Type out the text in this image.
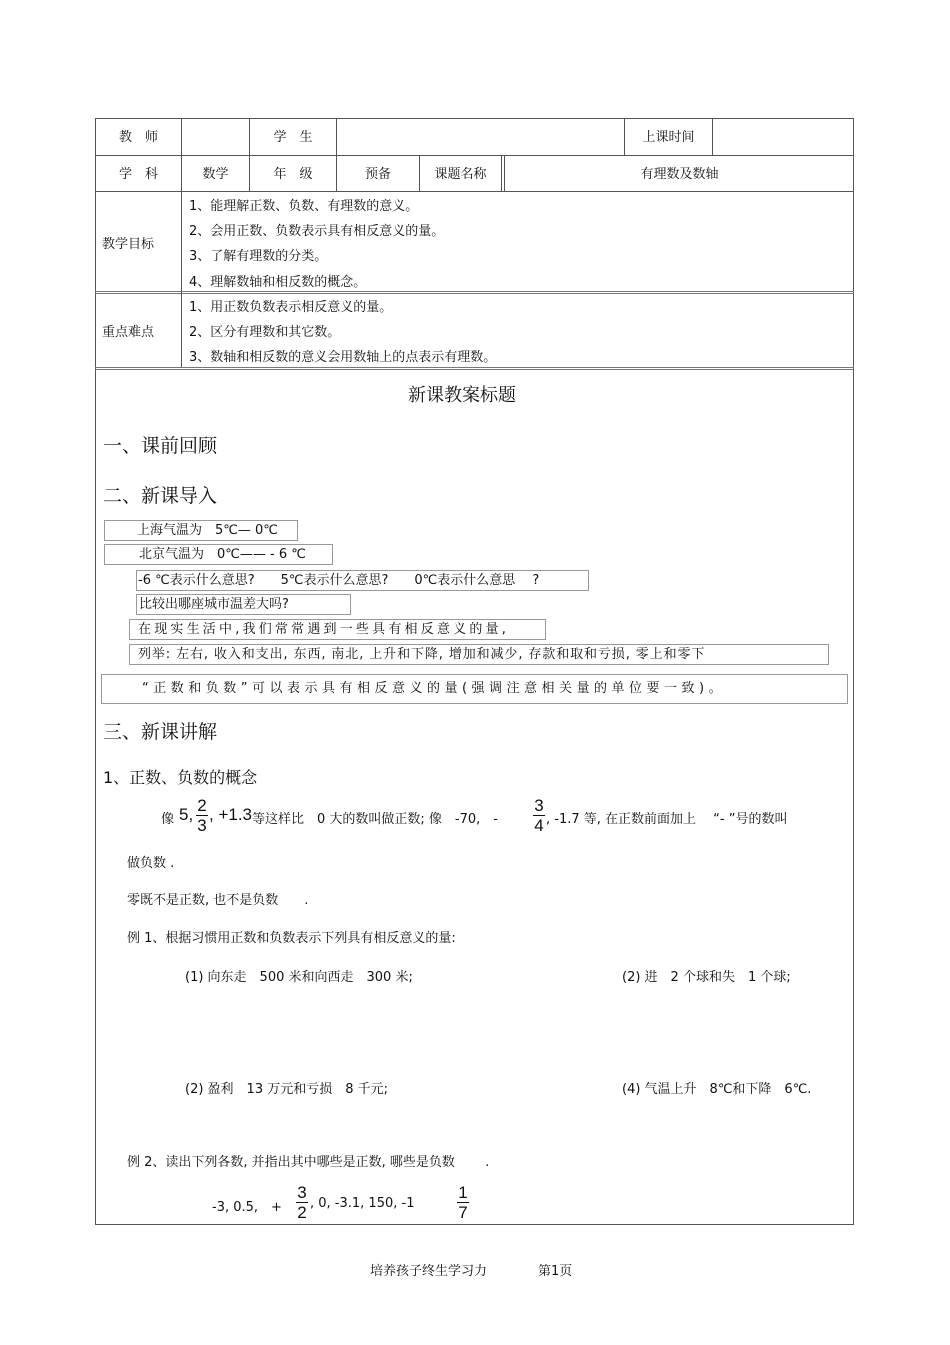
教　师	学　生	上课时间
学　科	数学	年　级	预备	课题名称	有理数及数轴
教学目标
1、能理解正数、负数、有理数的意义。
2、会用正数、负数表示具有相反意义的量。
3、了解有理数的分类。
4、理解数轴和相反数的概念。
重点难点
1、用正数负数表示相反意义的量。
2、区分有理数和其它数。
3、数轴和相反数的意义会用数轴上的点表示有理数。
新课教案标题
一、课前回顾
二、新课导入
上海气温为　5℃— 0℃
北京气温为　0℃—— - 6 ℃
-6 ℃表示什么意思?　　5℃表示什么意思?　　0℃表示什么意思　 ?
比较出哪座城市温差大吗?
在现实生活中,我们常常遇到一些具有相反意义的量,
列举: 左右, 收入和支出, 东西, 南北, 上升和下降, 增加和减少, 存款和取和亏损, 零上和零下
“正数和负数”可以表示具有相反意义的量(强调注意相关量的单位要一致)。
三、新课讲解
1、正数、负数的概念
像 5, 2
3
, +1.3 等这样比　0 大的数叫做正数; 像　-70,　-
3
4 , -1.7 等, 在正数前面加上　 “- ”号的数叫
做负数 .
零既不是正数, 也不是负数　　.
例 1、根据习惯用正数和负数表示下列具有相反意义的量:
(1) 向东走　500 米和向西走　300 米;	(2) 进　2 个球和失　1 个球;
(2) 盈利　13 万元和亏损　8 千元;	(4) 气温上升　8℃和下降　6℃.
例 2、读出下列各数, 并指出其中哪些是正数, 哪些是负数　　 .
-3, 0.5,　+
3
2 , 0, -3.1, 150, -1
1
7
培养孩子终生学习力	第1页
